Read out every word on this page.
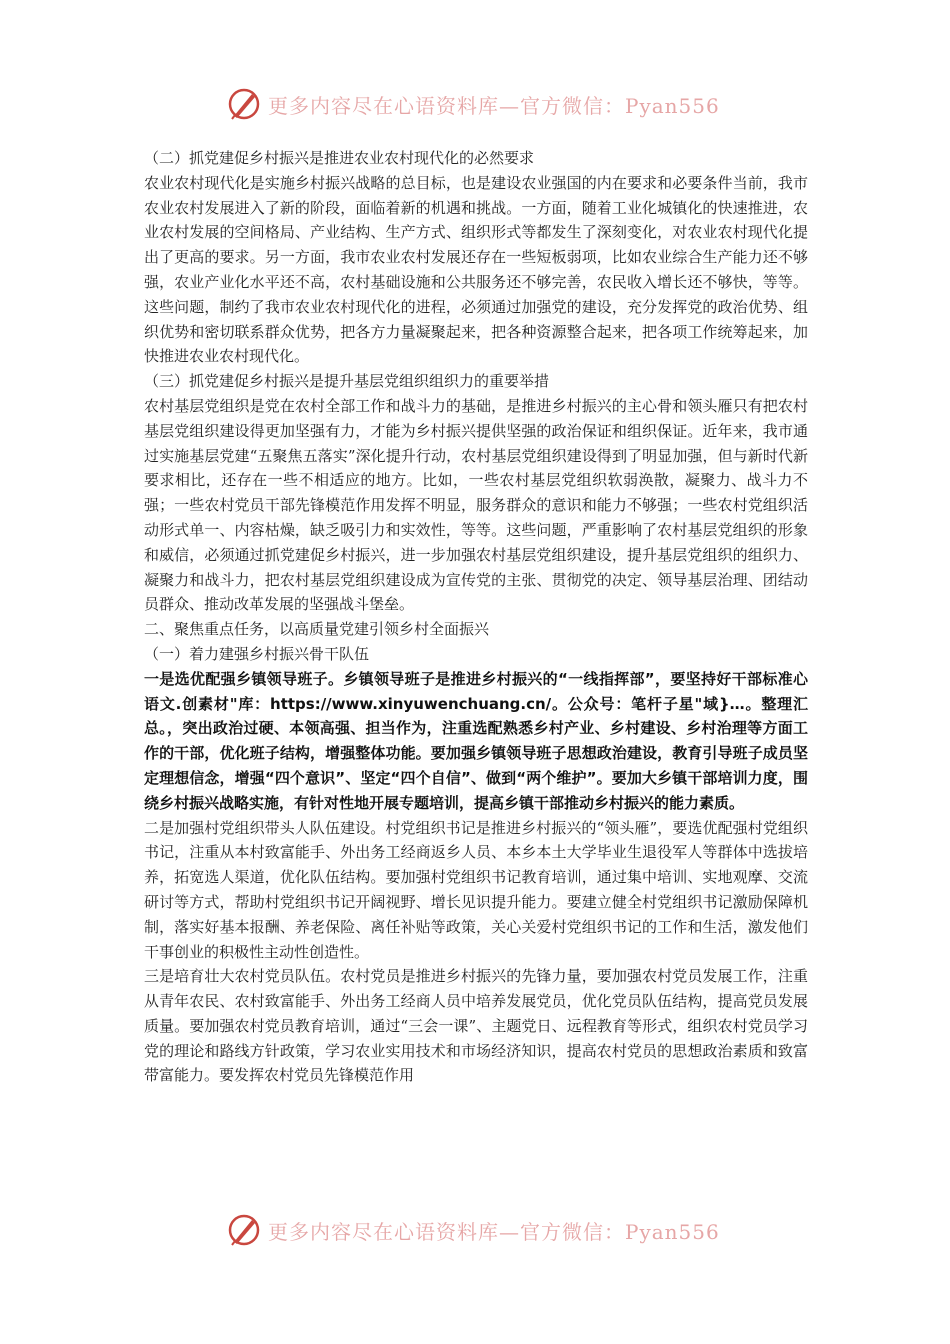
更多内容尽在心语资料库—官方微信：Pyan556

（二）抓党建促乡村振兴是推进农业农村现代化的必然要求

农业农村现代化是实施乡村振兴战略的总目标，也是建设农业强国的内在要求和必要条件当前，我市农业农村发展进入了新的阶段，面临着新的机遇和挑战。一方面，随着工业化城镇化的快速推进，农业农村发展的空间格局、产业结构、生产方式、组织形式等都发生了深刻变化，对农业农村现代化提出了更高的要求。另一方面，我市农业农村发展还存在一些短板弱项，比如农业综合生产能力还不够强，农业产业化水平还不高，农村基础设施和公共服务还不够完善，农民收入增长还不够快，等等。这些问题，制约了我市农业农村现代化的进程，必须通过加强党的建设，充分发挥党的政治优势、组织优势和密切联系群众优势，把各方力量凝聚起来，把各种资源整合起来，把各项工作统筹起来，加快推进农业农村现代化。

（三）抓党建促乡村振兴是提升基层党组织组织力的重要举措

农村基层党组织是党在农村全部工作和战斗力的基础，是推进乡村振兴的主心骨和领头雁只有把农村基层党组织建设得更加坚强有力，才能为乡村振兴提供坚强的政治保证和组织保证。近年来，我市通过实施基层党建“五聚焦五落实”深化提升行动，农村基层党组织建设得到了明显加强，但与新时代新要求相比，还存在一些不相适应的地方。比如，一些农村基层党组织软弱涣散，凝聚力、战斗力不强；一些农村党员干部先锋模范作用发挥不明显，服务群众的意识和能力不够强；一些农村党组织活动形式单一、内容枯燥，缺乏吸引力和实效性，等等。这些问题，严重影响了农村基层党组织的形象和威信，必须通过抓党建促乡村振兴，进一步加强农村基层党组织建设，提升基层党组织的组织力、凝聚力和战斗力，把农村基层党组织建设成为宣传党的主张、贯彻党的决定、领导基层治理、团结动员群众、推动改革发展的坚强战斗堡垒。

二、聚焦重点任务，以高质量党建引领乡村全面振兴

（一）着力建强乡村振兴骨干队伍

一是选优配强乡镇领导班子。乡镇领导班子是推进乡村振兴的“一线指挥部”，要坚持好干部标准心语文.创素材"库：https://www.xinyuwenchuang.cn/。公众号：笔杆子星"域}…。整理汇总。，突出政治过硬、本领高强、担当作为，注重选配熟悉乡村产业、乡村建设、乡村治理等方面工作的干部，优化班子结构，增强整体功能。要加强乡镇领导班子思想政治建设，教育引导班子成员坚定理想信念，增强“四个意识”、坚定“四个自信”、做到“两个维护”。要加大乡镇干部培训力度，围绕乡村振兴战略实施，有针对性地开展专题培训，提高乡镇干部推动乡村振兴的能力素质。

二是加强村党组织带头人队伍建设。村党组织书记是推进乡村振兴的“领头雁”，要选优配强村党组织书记，注重从本村致富能手、外出务工经商返乡人员、本乡本土大学毕业生退役军人等群体中选拔培养，拓宽选人渠道，优化队伍结构。要加强村党组织书记教育培训，通过集中培训、实地观摩、交流研讨等方式，帮助村党组织书记开阔视野、增长见识提升能力。要建立健全村党组织书记激励保障机制，落实好基本报酬、养老保险、离任补贴等政策，关心关爱村党组织书记的工作和生活，激发他们干事创业的积极性主动性创造性。

三是培育壮大农村党员队伍。农村党员是推进乡村振兴的先锋力量，要加强农村党员发展工作，注重从青年农民、农村致富能手、外出务工经商人员中培养发展党员，优化党员队伍结构，提高党员发展质量。要加强农村党员教育培训，通过“三会一课”、主题党日、远程教育等形式，组织农村党员学习党的理论和路线方针政策，学习农业实用技术和市场经济知识，提高农村党员的思想政治素质和致富带富能力。要发挥农村党员先锋模范作用

更多内容尽在心语资料库—官方微信：Pyan556
